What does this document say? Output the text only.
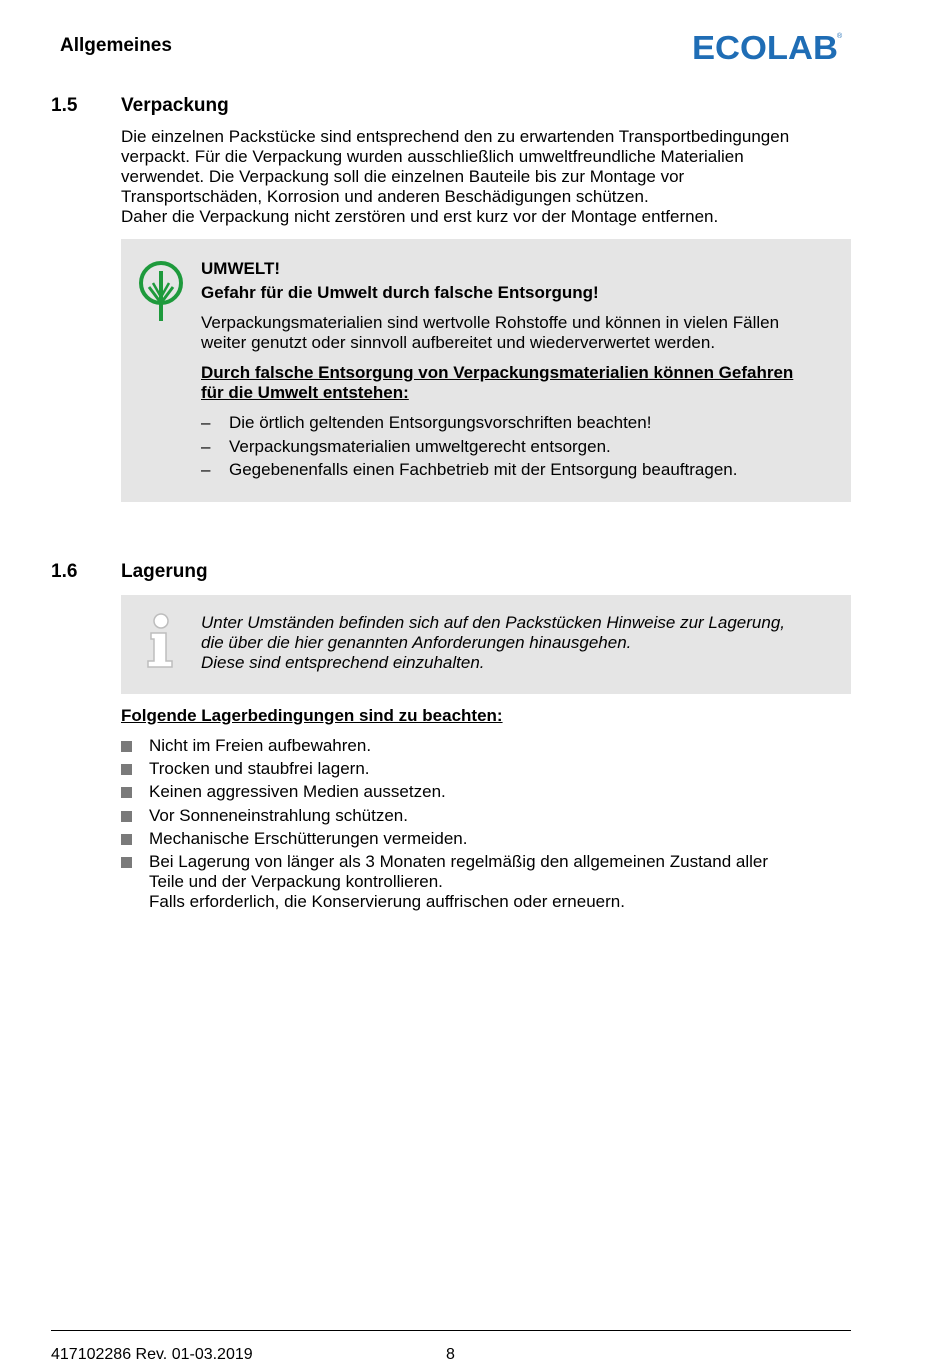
Allgemeines	ECOLAB ®
1.5 Verpackung
Die einzelnen Packstücke sind entsprechend den zu erwartenden Transportbedingungen
verpackt. Für die Verpackung wurden ausschließlich umweltfreundliche Materialien
verwendet. Die Verpackung soll die einzelnen Bauteile bis zur Montage vor
Transportschäden, Korrosion und anderen Beschädigungen schützen.
Daher die Verpackung nicht zerstören und erst kurz vor der Montage entfernen.
UMWELT!
Gefahr für die Umwelt durch falsche Entsorgung!
Verpackungsmaterialien sind wertvolle Rohstoffe und können in vielen Fällen
weiter genutzt oder sinnvoll aufbereitet und wiederverwertet werden.
Durch falsche Entsorgung von Verpackungsmaterialien können Gefahren
für die Umwelt entstehen:
– Die örtlich geltenden Entsorgungsvorschriften beachten!
– Verpackungsmaterialien umweltgerecht entsorgen.
– Gegebenenfalls einen Fachbetrieb mit der Entsorgung beauftragen.
1.6 Lagerung
Unter Umständen befinden sich auf den Packstücken Hinweise zur Lagerung,
die über die hier genannten Anforderungen hinausgehen.
Diese sind entsprechend einzuhalten.
Folgende Lagerbedingungen sind zu beachten:
Nicht im Freien aufbewahren.
Trocken und staubfrei lagern.
Keinen aggressiven Medien aussetzen.
Vor Sonneneinstrahlung schützen.
Mechanische Erschütterungen vermeiden.
Bei Lagerung von länger als 3 Monaten regelmäßig den allgemeinen Zustand aller
Teile und der Verpackung kontrollieren.
Falls erforderlich, die Konservierung auffrischen oder erneuern.
417102286 Rev. 01-03.2019	8
